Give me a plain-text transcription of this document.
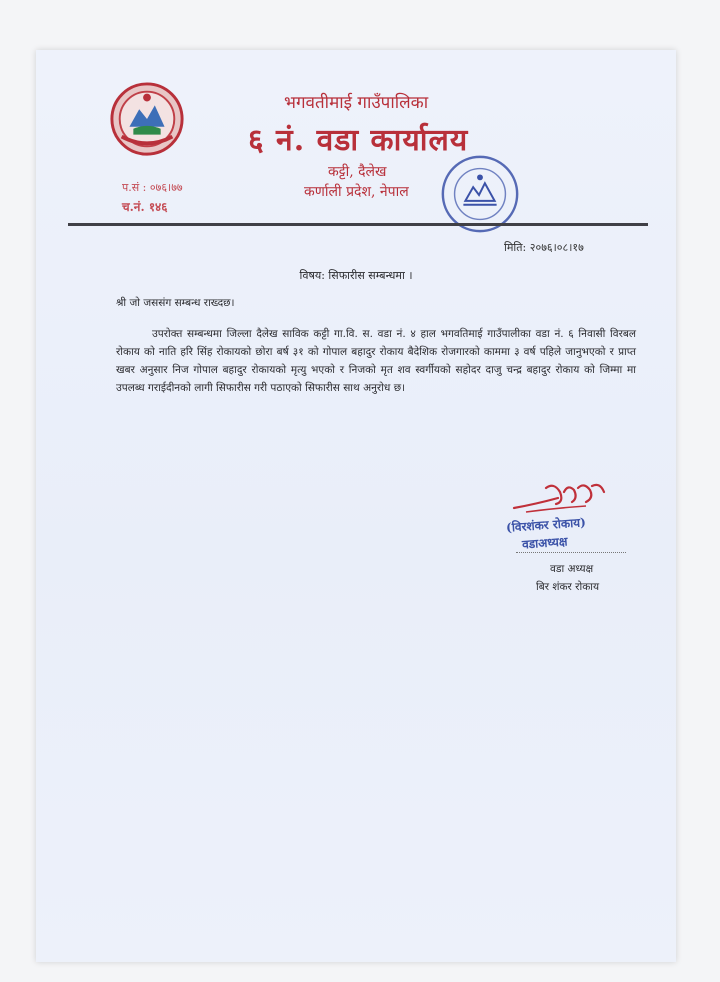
भगवतीमाई गाउँपालिका
६ नं. वडा कार्यालय
कट्टी, दैलेख
कर्णाली प्रदेश, नेपाल
प.सं : ०७६।७७
च.नं. १४६
मिति: २०७६।०८।१७
विषय: सिफारीस सम्बन्धमा ।
श्री जो जससंग सम्बन्ध राख्दछ।

उपरोक्त सम्बन्धमा जिल्ला दैलेख साविक कट्टी गा.वि. स. वडा नं. ४ हाल भगवतिमाई गाउँपालीका वडा नं. ६ निवासी विरबल रोकाय को नाति हरि सिंह रोकायको छोरा बर्ष ३१ को गोपाल बहादुर रोकाय बैदेशिक रोजगारको काममा ३ वर्ष पहिले जानुभएको र प्राप्त खबर अनुसार निज गोपाल बहादुर रोकायको मृत्यु भएको र निजको मृत शव स्वर्गीयको सहोदर दाजु चन्द्र बहादुर रोकाय को जिम्मा मा उपलब्ध गराईदीनको लागी सिफारीस गरी पठाएको सिफारीस साथ अनुरोध छ।

(विरशंकर रोकाय)
वडाअध्यक्ष
वडा अध्यक्ष
बिर शंकर रोकाय
